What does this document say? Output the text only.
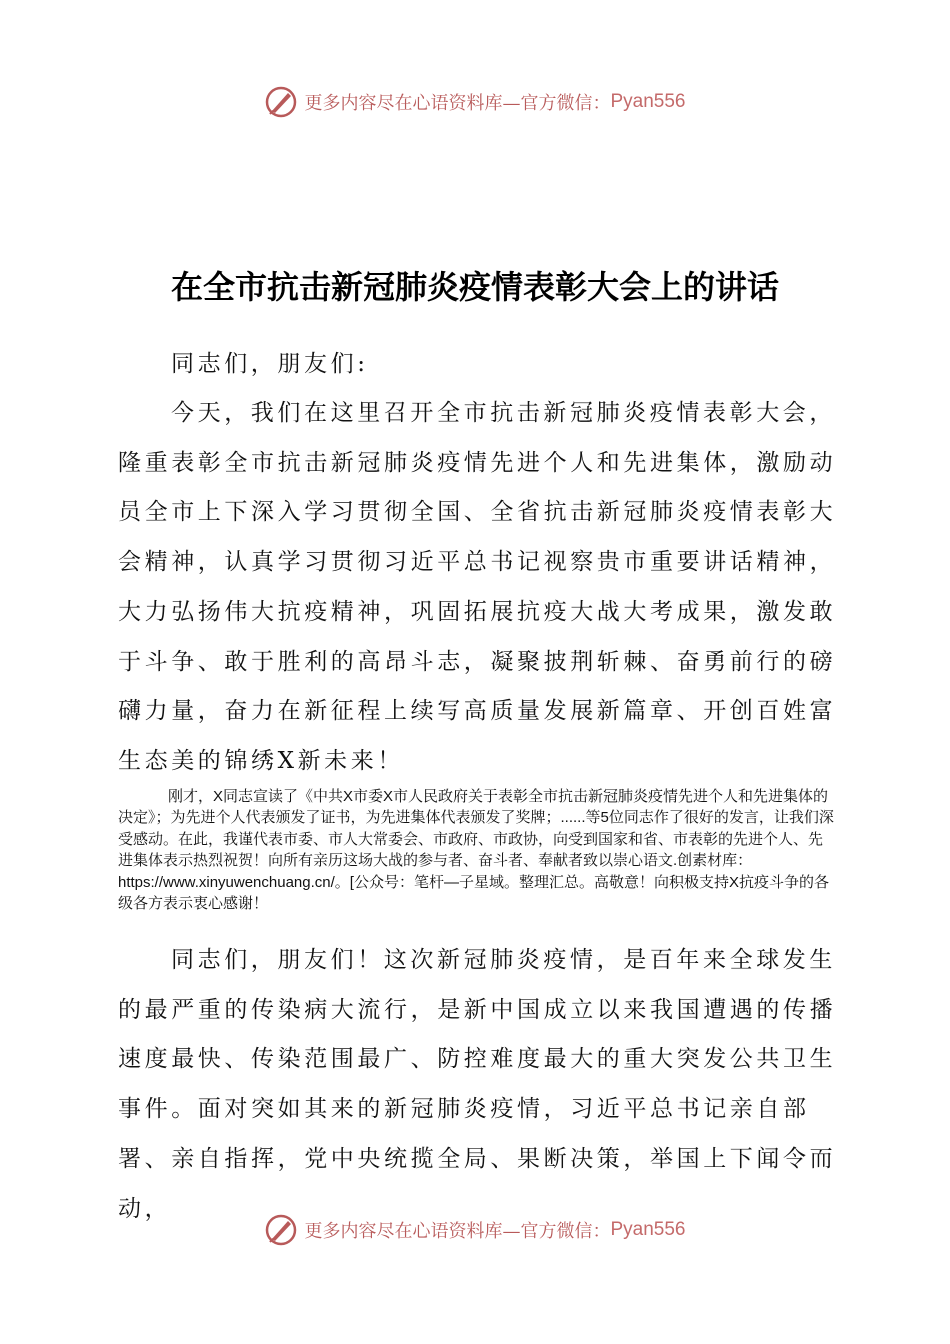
更多内容尽在心语资料库—官方微信： Pyan556
在全市抗击新冠肺炎疫情表彰大会上的讲话

同志们，朋友们:

今天，我们在这里召开全市抗击新冠肺炎疫情表彰大会，隆重表彰全市抗击新冠肺炎疫情先进个人和先进集体，激励动员全市上下深入学习贯彻全国、全省抗击新冠肺炎疫情表彰大会精神，认真学习贯彻习近平总书记视察贵市重要讲话精神，大力弘扬伟大抗疫精神，巩固拓展抗疫大战大考成果，激发敢于斗争、敢于胜利的高昂斗志，凝聚披荆斩棘、奋勇前行的磅礴力量，奋力在新征程上续写高质量发展新篇章、开创百姓富生态美的锦绣X新未来！

刚才，X同志宣读了《中共X市委X市人民政府关于表彰全市抗击新冠肺炎疫情先进个人和先进集体的决定》；为先进个人代表颁发了证书，为先进集体代表颁发了奖牌；......等5位同志作了很好的发言，让我们深受感动。在此，我谨代表市委、市人大常委会、市政府、市政协，向受到国家和省、市表彰的先进个人、先进集体表示热烈祝贺！向所有亲历这场大战的参与者、奋斗者、奉献者致以崇心语文.创素材库：https://www.xinyuwenchuang.cn/。[公众号：笔杆—子星域。整理汇总。高敬意！向积极支持X抗疫斗争的各级各方表示衷心感谢！

同志们，朋友们！这次新冠肺炎疫情，是百年来全球发生的最严重的传染病大流行，是新中国成立以来我国遭遇的传播速度最快、传染范围最广、防控难度最大的重大突发公共卫生事件。面对突如其来的新冠肺炎疫情，习近平总书记亲自部署、亲自指挥，党中央统揽全局、果断决策，举国上下闻令而动，

更多内容尽在心语资料库—官方微信： Pyan556
